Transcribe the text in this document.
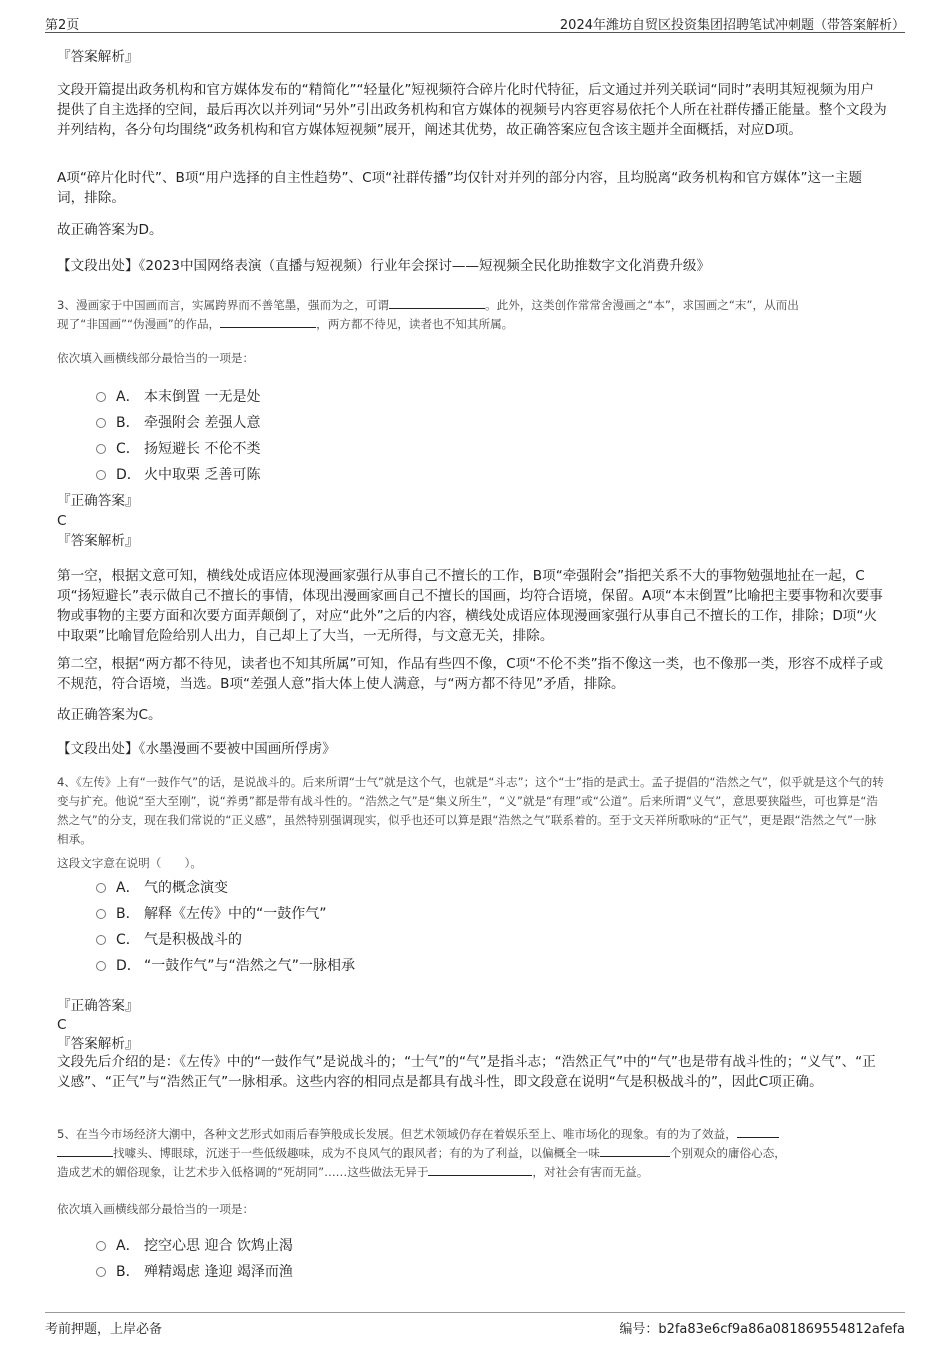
第2页	2024年潍坊自贸区投资集团招聘笔试冲刺题（带答案解析）
『答案解析』
文段开篇提出政务机构和官方媒体发布的“精简化”“轻量化”短视频符合碎片化时代特征，后文通过并列关联词“同时”表明其短视频为用户提供了自主选择的空间，最后再次以并列词“另外”引出政务机构和官方媒体的视频号内容更容易依托个人所在社群传播正能量。整个文段为并列结构，各分句均围绕“政务机构和官方媒体短视频”展开，阐述其优势，故正确答案应包含该主题并全面概括，对应D项。
A项“碎片化时代”、B项“用户选择的自主性趋势”、C项“社群传播”均仅针对并列的部分内容，且均脱离“政务机构和官方媒体”这一主题词，排除。
故正确答案为D。
【文段出处】《2023中国网络表演（直播与短视频）行业年会探讨——短视频全民化助推数字文化消费升级》
3、漫画家于中国画而言，实属跨界而不善笔墨，强而为之，可谓	。此外，这类创作常常舍漫画之“本”，求国画之“末”，从而出
现了“非国画”“伪漫画”的作品，	，两方都不待见，读者也不知其所属。
依次填入画横线部分最恰当的一项是：
A． 本末倒置 一无是处
B． 牵强附会 差强人意
C． 扬短避长 不伦不类
D． 火中取栗 乏善可陈
『正确答案』
C
『答案解析』
第一空，根据文意可知，横线处成语应体现漫画家强行从事自己不擅长的工作，B项“牵强附会”指把关系不大的事物勉强地扯在一起，C项“扬短避长”表示做自己不擅长的事情，体现出漫画家画自己不擅长的国画，均符合语境，保留。A项“本末倒置”比喻把主要事物和次要事物或事物的主要方面和次要方面弄颠倒了，对应“此外”之后的内容，横线处成语应体现漫画家强行从事自己不擅长的工作，排除；D项“火中取栗”比喻冒危险给别人出力，自己却上了大当，一无所得，与文意无关，排除。
第二空，根据“两方都不待见，读者也不知其所属”可知，作品有些四不像，C项“不伦不类”指不像这一类，也不像那一类，形容不成样子或不规范，符合语境，当选。B项“差强人意”指大体上使人满意，与“两方都不待见”矛盾，排除。
故正确答案为C。
【文段出处】《水墨漫画不要被中国画所俘虏》
4、《左传》上有“一鼓作气”的话，是说战斗的。后来所谓“士气”就是这个气，也就是“斗志”；这个“士”指的是武士。孟子提倡的“浩然之气”，似乎就是这个气的转变与扩充。他说“至大至刚”，说“养勇”都是带有战斗性的。“浩然之气”是“集义所生”，“义”就是“有理”或“公道”。后来所谓“义气”，意思要狭隘些，可也算是“浩然之气”的分支，现在我们常说的“正义感”，虽然特别强调现实，似乎也还可以算是跟“浩然之气”联系着的。至于文天祥所歌咏的“正气”，更是跟“浩然之气”一脉相承。
这段文字意在说明（　　）。
A． 气的概念演变
B． 解释《左传》中的“一鼓作气”
C． 气是积极战斗的
D． “一鼓作气”与“浩然之气”一脉相承
『正确答案』
C
『答案解析』
文段先后介绍的是：《左传》中的“一鼓作气”是说战斗的；“士气”的“气”是指斗志；“浩然正气”中的“气”也是带有战斗性的；“义气”、“正义感”、“正气”与“浩然正气”一脉相承。这些内容的相同点是都具有战斗性，即文段意在说明“气是积极战斗的”，因此C项正确。
5、在当今市场经济大潮中，各种文艺形式如雨后春笋般成长发展。但艺术领域仍存在着娱乐至上、唯市场化的现象。有的为了效益，
找噱头、博眼球，沉迷于一些低级趣味，成为不良风气的跟风者；有的为了利益，以偏概全一味	个别观众的庸俗心态，
造成艺术的媚俗现象，让艺术步入低格调的“死胡同”……这些做法无异于	，对社会有害而无益。
依次填入画横线部分最恰当的一项是：
A． 挖空心思 迎合 饮鸩止渴
B． 殚精竭虑 逢迎 竭泽而渔
考前押题，上岸必备	编号：b2fa83e6cf9a86a081869554812afefa
